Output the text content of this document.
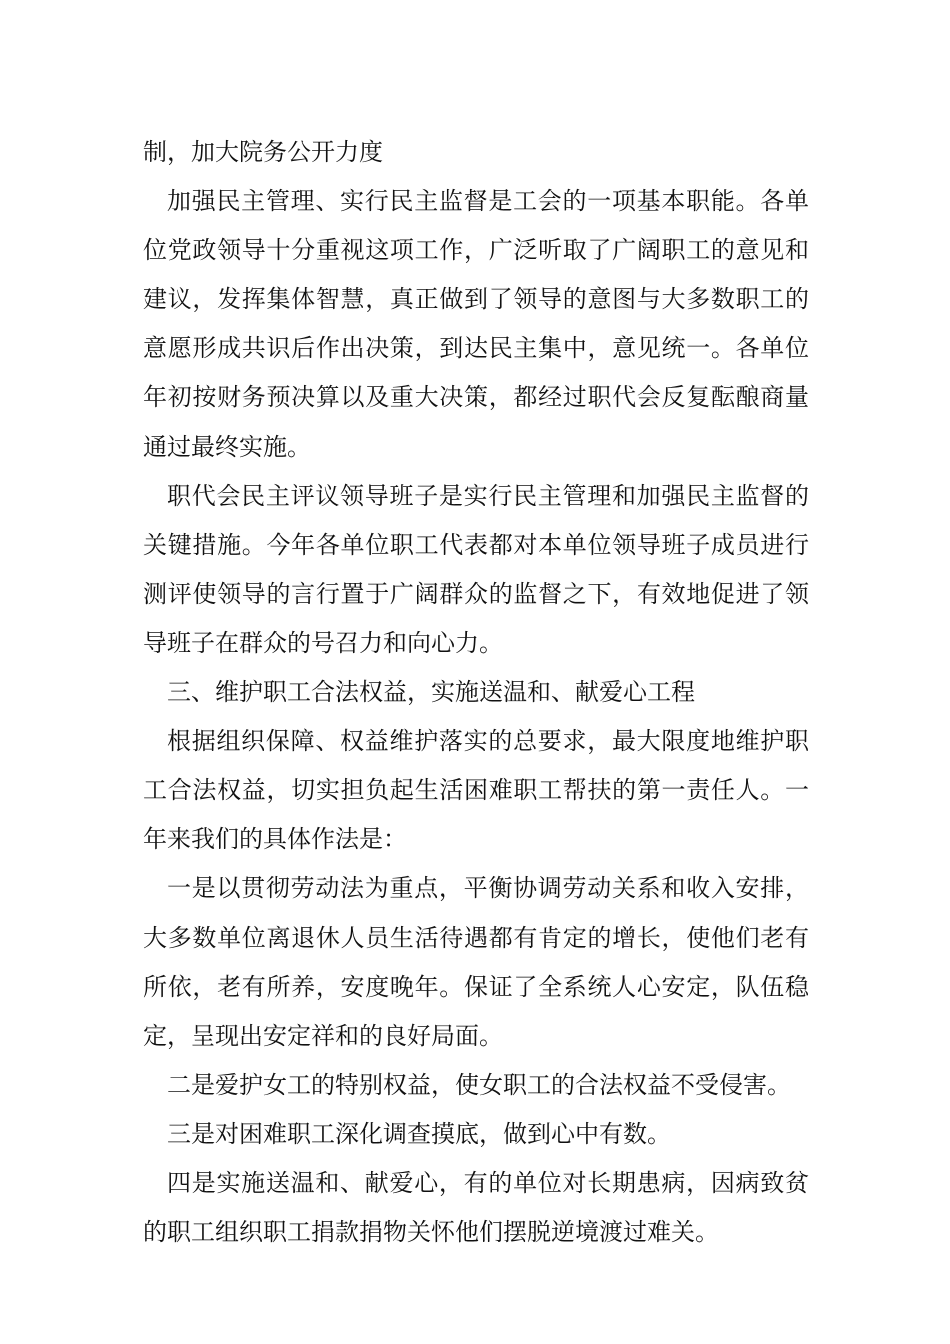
制，加大院务公开力度

加强民主管理、实行民主监督是工会的一项基本职能。各单位党政领导十分重视这项工作，广泛听取了广阔职工的意见和建议，发挥集体智慧，真正做到了领导的意图与大多数职工的意愿形成共识后作出决策，到达民主集中，意见统一。各单位年初按财务预决算以及重大决策，都经过职代会反复酝酿商量通过最终实施。

职代会民主评议领导班子是实行民主管理和加强民主监督的关键措施。今年各单位职工代表都对本单位领导班子成员进行测评使领导的言行置于广阔群众的监督之下，有效地促进了领导班子在群众的号召力和向心力。

三、维护职工合法权益，实施送温和、献爱心工程

根据组织保障、权益维护落实的总要求，最大限度地维护职工合法权益，切实担负起生活困难职工帮扶的第一责任人。一年来我们的具体作法是：

一是以贯彻劳动法为重点，平衡协调劳动关系和收入安排，大多数单位离退休人员生活待遇都有肯定的增长，使他们老有所依，老有所养，安度晚年。保证了全系统人心安定，队伍稳定，呈现出安定祥和的良好局面。

二是爱护女工的特别权益，使女职工的合法权益不受侵害。

三是对困难职工深化调查摸底，做到心中有数。

四是实施送温和、献爱心，有的单位对长期患病，因病致贫的职工组织职工捐款捐物关怀他们摆脱逆境渡过难关。
